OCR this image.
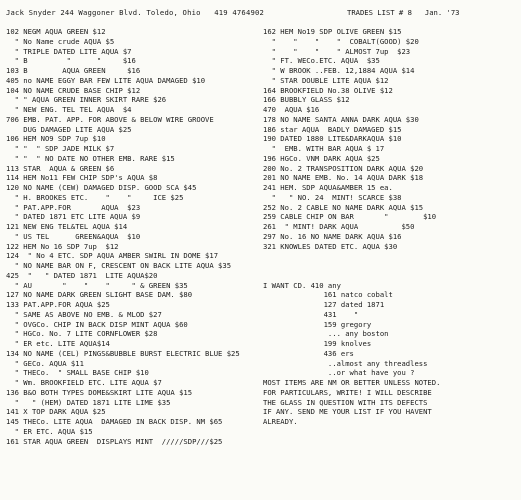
Jack Snyder 244 Waggoner Blvd. Toledo, Ohio   419 4764902	TRADES LIST # 8   Jan. '73
102 NEGM AQUA GREEN $12
" No Name crude AQUA $5
" TRIPLE DATED LITE AQUA $7
" B         "      "     $16
103 B        AQUA GREEN     $16
405 no NAME EGGY BAR FEW LITE AQUA DAMAGED $10
104 NO NAME CRUDE BASE CHIP $12
" " AQUA GREEN INNER SKIRT RARE $26
" NEW ENG. TEL TEL AQUA  $4
706 EMB. PAT. APP. FOR ABOVE & BELOW WIRE GROOVE
DUG DAMAGED LITE AQUA $25
106 HEM NO9 SDP 7up $10
" "  " SDP JADE MILK $7
" "  " NO DATE NO OTHER EMB. RARE $15
113 STAR  AQUA & GREEN $6
114 HEM No11 FEW CHIP SDP's AQUA $8
120 NO NAME (CEW) DAMAGED DISP. GOOD SCA $45
" H. BROOKES ETC.    "    "     ICE $25
" PAT.APP.FOR       AQUA  $23
" DATED 1871 ETC LITE AQUA $9
121 NEW ENG TEL&TEL AQUA $14
" US TEL      GREEN&AQUA  $10
122 HEM No 16 SDP 7up  $12
124  " No 4 ETC. SDP AQUA AMBER SWIRL IN DOME $17
" NO NAME BAR ON F, CRESCENT ON BACK LITE AQUA $35
425  "   " DATED 1871  LITE AQUA$20
" AU       "    "    "     " & GREEN $35
127 NO NAME DARK GREEN SLIGHT BASE DAM. $80
133 PAT.APP.FOR AQUA $25
" SAME AS ABOVE NO EMB. & MLOD $27
" OVGCo. CHIP IN BACK DISP MINT AQUA $60
" HGCo. No. 7 LITE CORNFLOWER $28
" ER etc. LITE AQUA$14
134 NO NAME (CEL) PINGS&BUBBLE BURST ELECTRIC BLUE $25
" GECo. AQUA $11
" THECo.  " SMALL BASE CHIP $10
" Wm. BROOKFIELD ETC. LITE AQUA $7
136 B&O BOTH TYPES DOME&SKIRT LITE AQUA $15
"   " (HEM) DATED 1871 LITE LIME $35
141 X TOP DARK AQUA $25
145 THECo. LITE AQUA  DAMAGED IN BACK DISP. NM $65
" ER ETC. AQUA $15
161 STAR AQUA GREEN  DISPLAYS MINT  /////SDP///$25
162 HEM No19 SDP OLIVE GREEN $15
"    "    "    "  COBALT(GOOD) $20
"    "    "    " ALMOST 7up  $23
" FT. WECo.ETC. AQUA  $35
" W BROOK ..FEB. 12,1884 AQUA $14
" STAR DOUBLE LITE AQUA $12
164 BROOKFIELD No.38 OLIVE $12
166 BUBBLY GLASS $12
470  AQUA $16
178 NO NAME SANTA ANNA DARK AQUA $30
186 star AQUA  BADLY DAMAGED $15
190 DATED 1880 LITE&DARKAQUA $10
"  EMB. WITH BAR AQUA $ 17
196 HGCo. VNM DARK AQUA $25
200 No. 2 TRANSPOSITION DARK AQUA $20
201 NO NAME EMB. No. 14 AQUA DARK $18
241 HEM. SDP AQUA&AMBER 15 ea.
"   " NO. 24  MINT! SCARCE $38
252 No. 2 CABLE NO NAME DARK AQUA $15
259 CABLE CHIP ON BAR       "        $10
261  " MINT! DARK AQUA          $50
297 No. 16 NO NAME DARK AQUA $16
321 KNOWLES DATED ETC. AQUA $30
I WANT CD. 410 any
161 natco cobalt
127 dated 1871
431    "
159 gregory
... any boston
199 knolves
436 ers
..almost any threadless
..or what have you ?
MOST ITEMS ARE NM OR BETTER UNLESS NOTED.
FOR PARTICULARS, WRITE! I WILL DESCRIBE
THE GLASS IN QUESTION WITH ITS DEFECTS
IF ANY. SEND ME YOUR LIST IF YOU HAVENT
ALREADY.
